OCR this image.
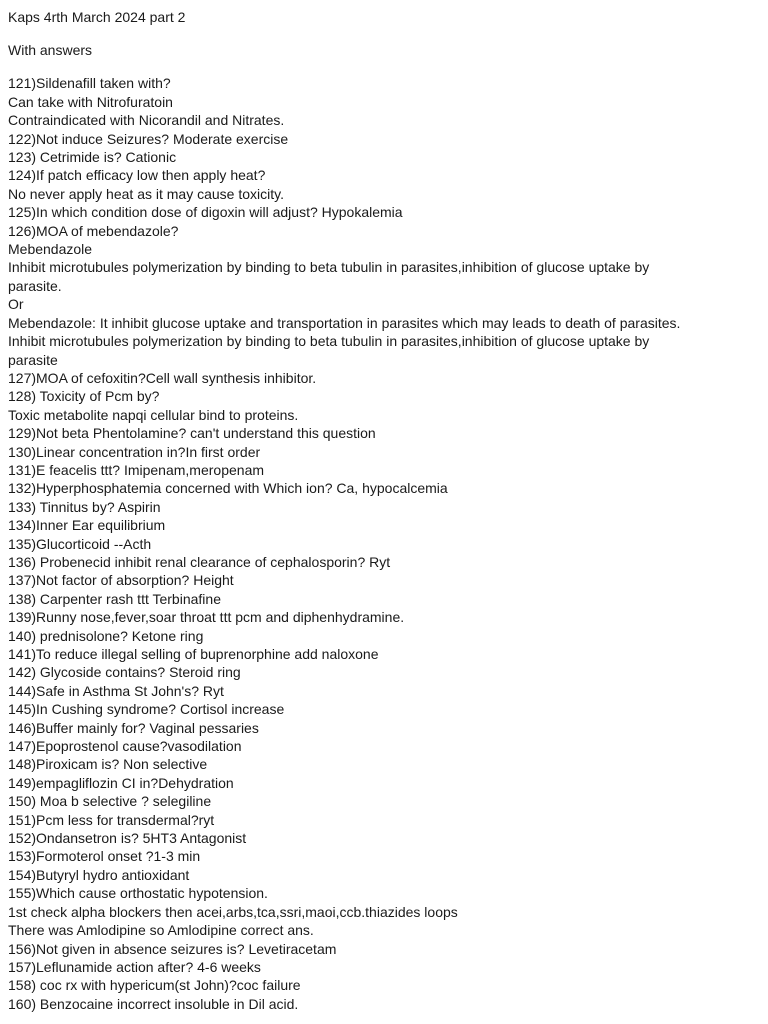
Kaps 4rth March 2024 part 2
With answers
121)Sildenafill taken with?
Can take with Nitrofuratoin
Contraindicated with Nicorandil and Nitrates.
122)Not induce Seizures? Moderate exercise
123) Cetrimide is? Cationic
124)If patch efficacy low then apply heat?
No never apply heat as it may cause toxicity.
125)In which condition dose of digoxin will adjust? Hypokalemia
126)MOA of mebendazole?
Mebendazole
Inhibit microtubules polymerization by binding to beta tubulin in parasites,inhibition of glucose uptake by
parasite.
Or
Mebendazole: It inhibit glucose uptake and transportation in parasites which may leads to death of parasites.
Inhibit microtubules polymerization by binding to beta tubulin in parasites,inhibition of glucose uptake by
parasite
127)MOA of cefoxitin?Cell wall synthesis inhibitor.
128) Toxicity of Pcm by?
Toxic metabolite napqi cellular bind to proteins.
129)Not beta Phentolamine? can't understand this question
130)Linear concentration in?In first order
131)E feacelis ttt? Imipenam,meropenam
132)Hyperphosphatemia concerned with Which ion? Ca, hypocalcemia
133) Tinnitus by? Aspirin
134)Inner Ear equilibrium
135)Glucorticoid --Acth
136) Probenecid inhibit renal clearance of cephalosporin? Ryt
137)Not factor of absorption? Height
138) Carpenter rash ttt Terbinafine
139)Runny nose,fever,soar throat ttt pcm and diphenhydramine.
140) prednisolone? Ketone ring
141)To reduce illegal selling of buprenorphine add naloxone
142) Glycoside contains? Steroid ring
144)Safe in Asthma St John's? Ryt
145)In Cushing syndrome? Cortisol increase
146)Buffer mainly for? Vaginal pessaries
147)Epoprostenol cause?vasodilation
148)Piroxicam is? Non selective
149)empagliflozin CI in?Dehydration
150) Moa b selective ? selegiline
151)Pcm less for transdermal?ryt
152)Ondansetron is? 5HT3 Antagonist
153)Formoterol onset ?1-3 min
154)Butyryl hydro antioxidant
155)Which cause orthostatic hypotension.
1st check alpha blockers then acei,arbs,tca,ssri,maoi,ccb.thiazides loops
There was Amlodipine so Amlodipine correct ans.
156)Not given in absence seizures is? Levetiracetam
157)Leflunamide action after? 4-6 weeks
158) coc rx with hypericum(st John)?coc failure
160) Benzocaine incorrect insoluble in Dil acid.
